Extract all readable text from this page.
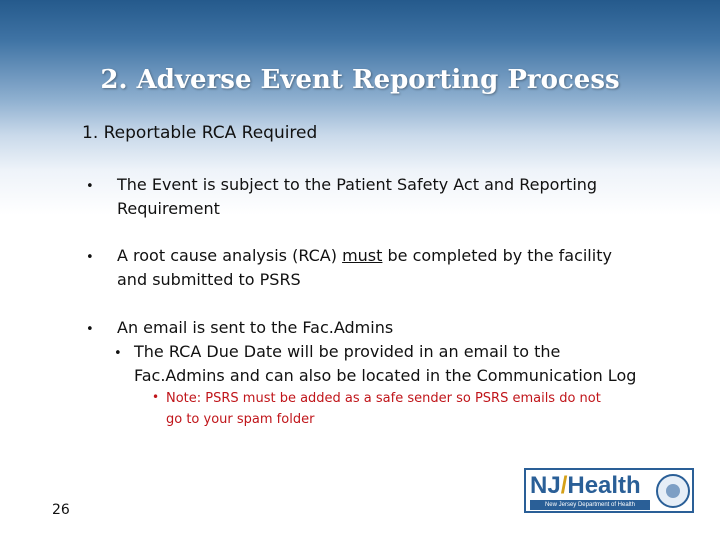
2. Adverse Event Reporting Process
1. Reportable RCA Required
• The Event is subject to the Patient Safety Act and Reporting
Requirement
• A root cause analysis (RCA) must be completed by the facility
and submitted to PSRS
• An email is sent to the Fac.Admins
• The RCA Due Date will be provided in an email to the
Fac.Admins and can also be located in the Communication Log
• Note: PSRS must be added as a safe sender so PSRS emails do not
go to your spam folder
26
NJ/Health
New Jersey Department of Health
